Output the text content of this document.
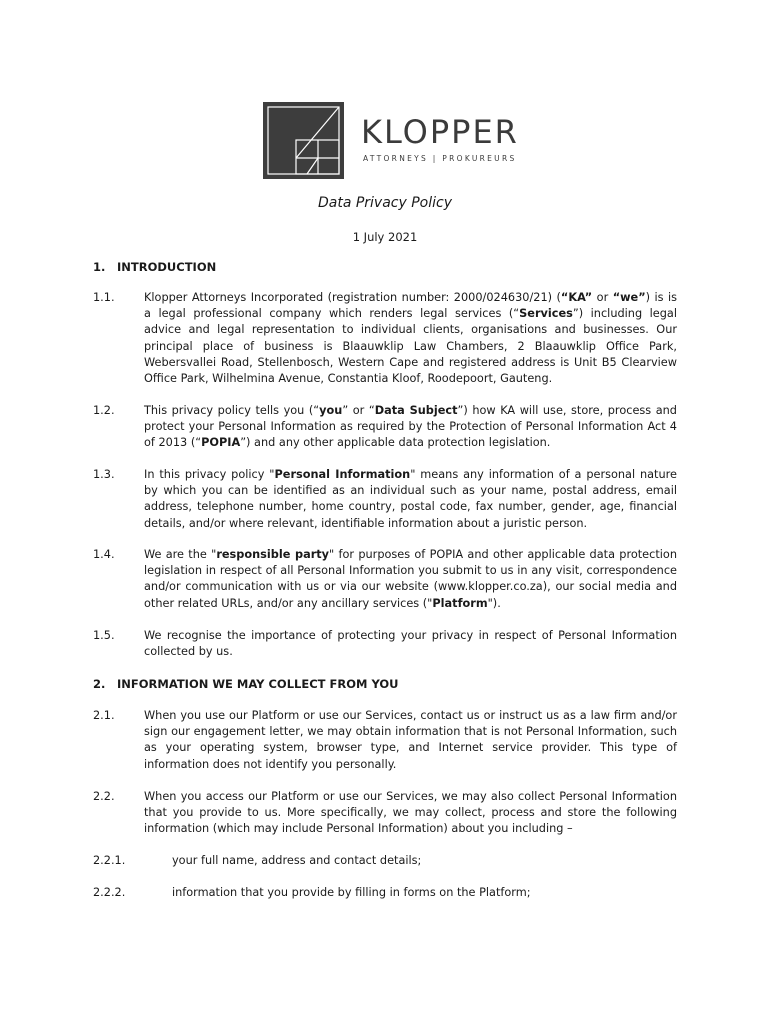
KLOPPER
ATTORNEYS | PROKUREURS
Data Privacy Policy
1 July 2021
1. INTRODUCTION
1.1.	Klopper Attorneys Incorporated (registration number: 2000/024630/21) (“KA” or “we”) is is a legal professional company which renders legal services (“Services”) including legal advice and legal representation to individual clients, organisations and businesses. Our principal place of business is Blaauwklip Law Chambers, 2 Blaauwklip Office Park, Webersvallei Road, Stellenbosch, Western Cape and registered address is Unit B5 Clearview Office Park, Wilhelmina Avenue, Constantia Kloof, Roodepoort, Gauteng.
1.2.	This privacy policy tells you (“you” or “Data Subject”) how KA will use, store, process and protect your Personal Information as required by the Protection of Personal Information Act 4 of 2013 (“POPIA”) and any other applicable data protection legislation.
1.3.	In this privacy policy "Personal Information" means any information of a personal nature by which you can be identified as an individual such as your name, postal address, email address, telephone number, home country, postal code, fax number, gender, age, financial details, and/or where relevant, identifiable information about a juristic person.
1.4.	We are the "responsible party" for purposes of POPIA and other applicable data protection legislation in respect of all Personal Information you submit to us in any visit, correspondence and/or communication with us or via our website (www.klopper.co.za), our social media and other related URLs, and/or any ancillary services ("Platform").
1.5.	We recognise the importance of protecting your privacy in respect of Personal Information collected by us.
2. INFORMATION WE MAY COLLECT FROM YOU
2.1.	When you use our Platform or use our Services, contact us or instruct us as a law firm and/or sign our engagement letter, we may obtain information that is not Personal Information, such as your operating system, browser type, and Internet service provider. This type of information does not identify you personally.
2.2.	When you access our Platform or use our Services, we may also collect Personal Information that you provide to us. More specifically, we may collect, process and store the following information (which may include Personal Information) about you including –
2.2.1.	your full name, address and contact details;
2.2.2.	information that you provide by filling in forms on the Platform;
